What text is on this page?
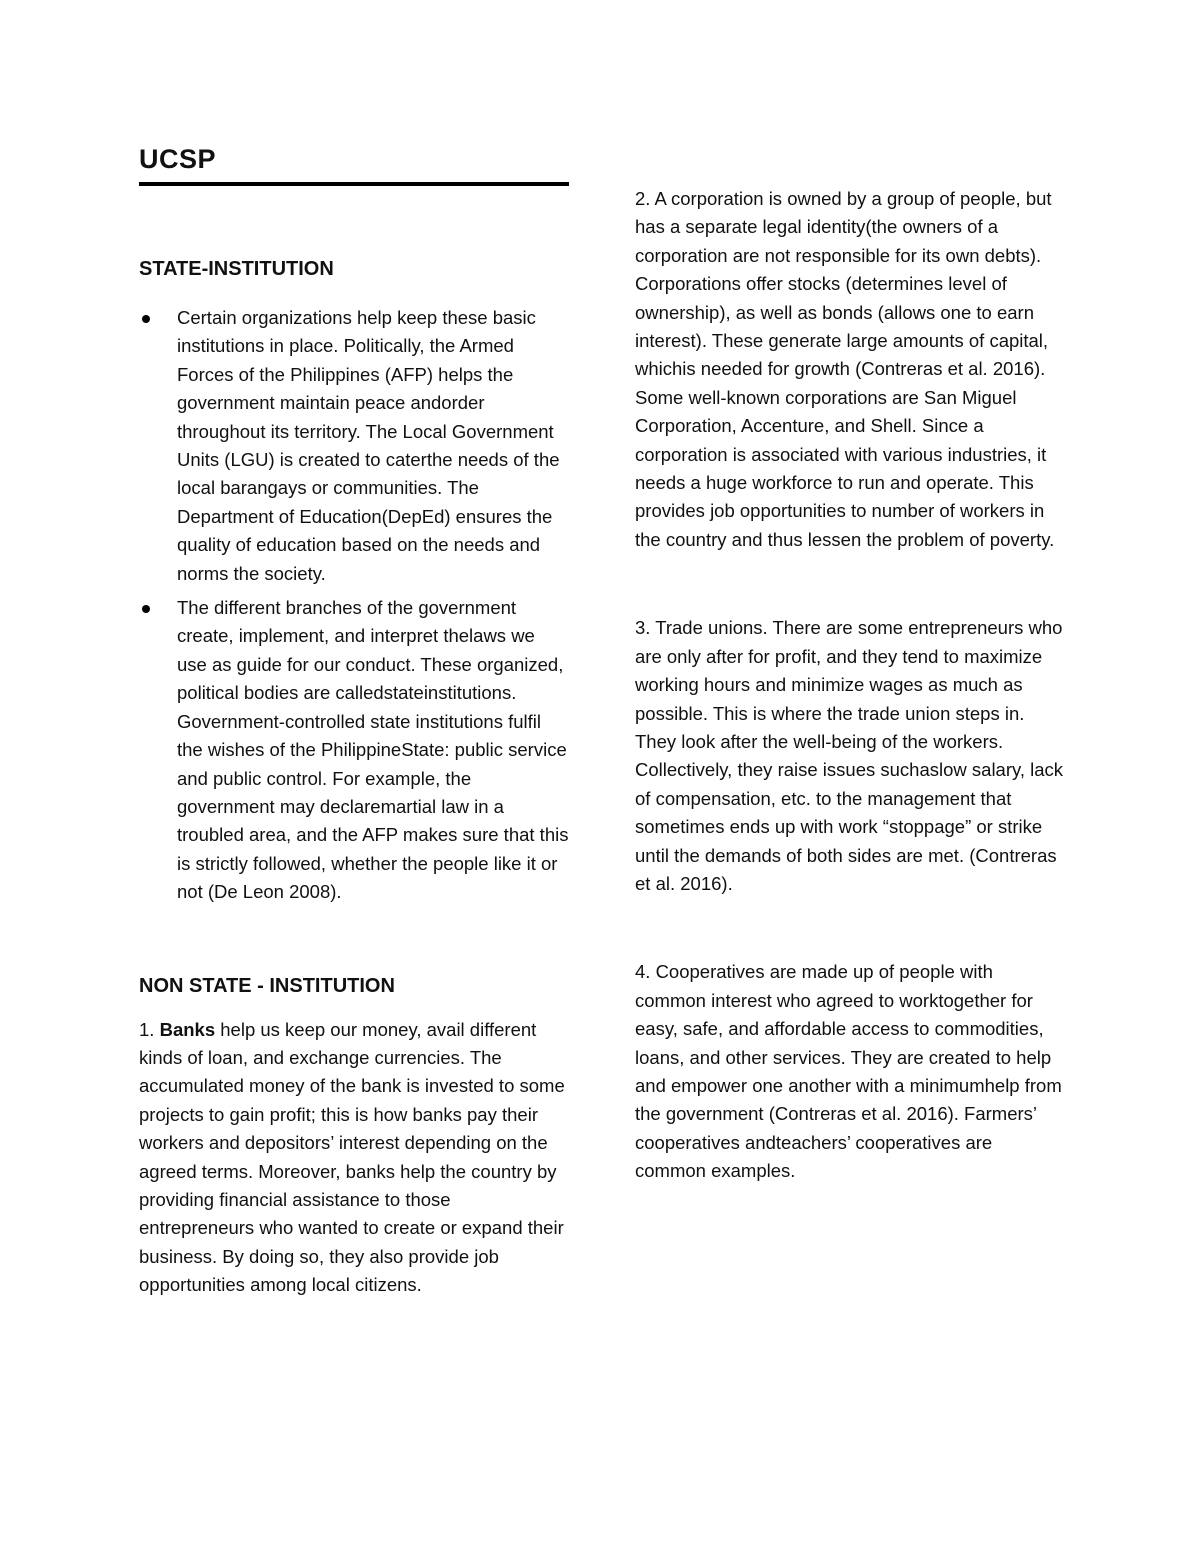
UCSP
STATE-INSTITUTION
Certain organizations help keep these basic institutions in place. Politically, the Armed Forces of the Philippines (AFP) helps the government maintain peace andorder throughout its territory. The Local Government Units (LGU) is created to caterthe needs of the local barangays or communities. The Department of Education(DepEd) ensures the quality of education based on the needs and norms the society.
The different branches of the government create, implement, and interpret thelaws we use as guide for our conduct. These organized, political bodies are calledstateinstitutions. Government-controlled state institutions fulfil the wishes of the PhilippineState: public service and public control. For example, the government may declaremartial law in a troubled area, and the AFP makes sure that this is strictly followed, whether the people like it or not (De Leon 2008).
NON STATE - INSTITUTION

1. Banks help us keep our money, avail different kinds of loan, and exchange currencies. The accumulated money of the bank is invested to some projects to gain profit; this is how banks pay their workers and depositors’ interest depending on the agreed terms. Moreover, banks help the country by providing financial assistance to those entrepreneurs who wanted to create or expand their business. By doing so, they also provide job opportunities among local citizens.

2. A corporation is owned by a group of people, but has a separate legal identity(the owners of a corporation are not responsible for its own debts). Corporations offer stocks (determines level of ownership), as well as bonds (allows one to earn interest). These generate large amounts of capital, whichis needed for growth (Contreras et al. 2016). Some well-known corporations are San Miguel Corporation, Accenture, and Shell. Since a corporation is associated with various industries, it needs a huge workforce to run and operate. This provides job opportunities to number of workers in the country and thus lessen the problem of poverty.

3. Trade unions. There are some entrepreneurs who are only after for profit, and they tend to maximize working hours and minimize wages as much as possible. This is where the trade union steps in. They look after the well-being of the workers. Collectively, they raise issues suchaslow salary, lack of compensation, etc. to the management that sometimes ends up with work “stoppage” or strike until the demands of both sides are met. (Contreras et al. 2016).

4. Cooperatives are made up of people with common interest who agreed to worktogether for easy, safe, and affordable access to commodities, loans, and other services. They are created to help and empower one another with a minimumhelp from the government (Contreras et al. 2016). Farmers’ cooperatives andteachers’ cooperatives are common examples.
